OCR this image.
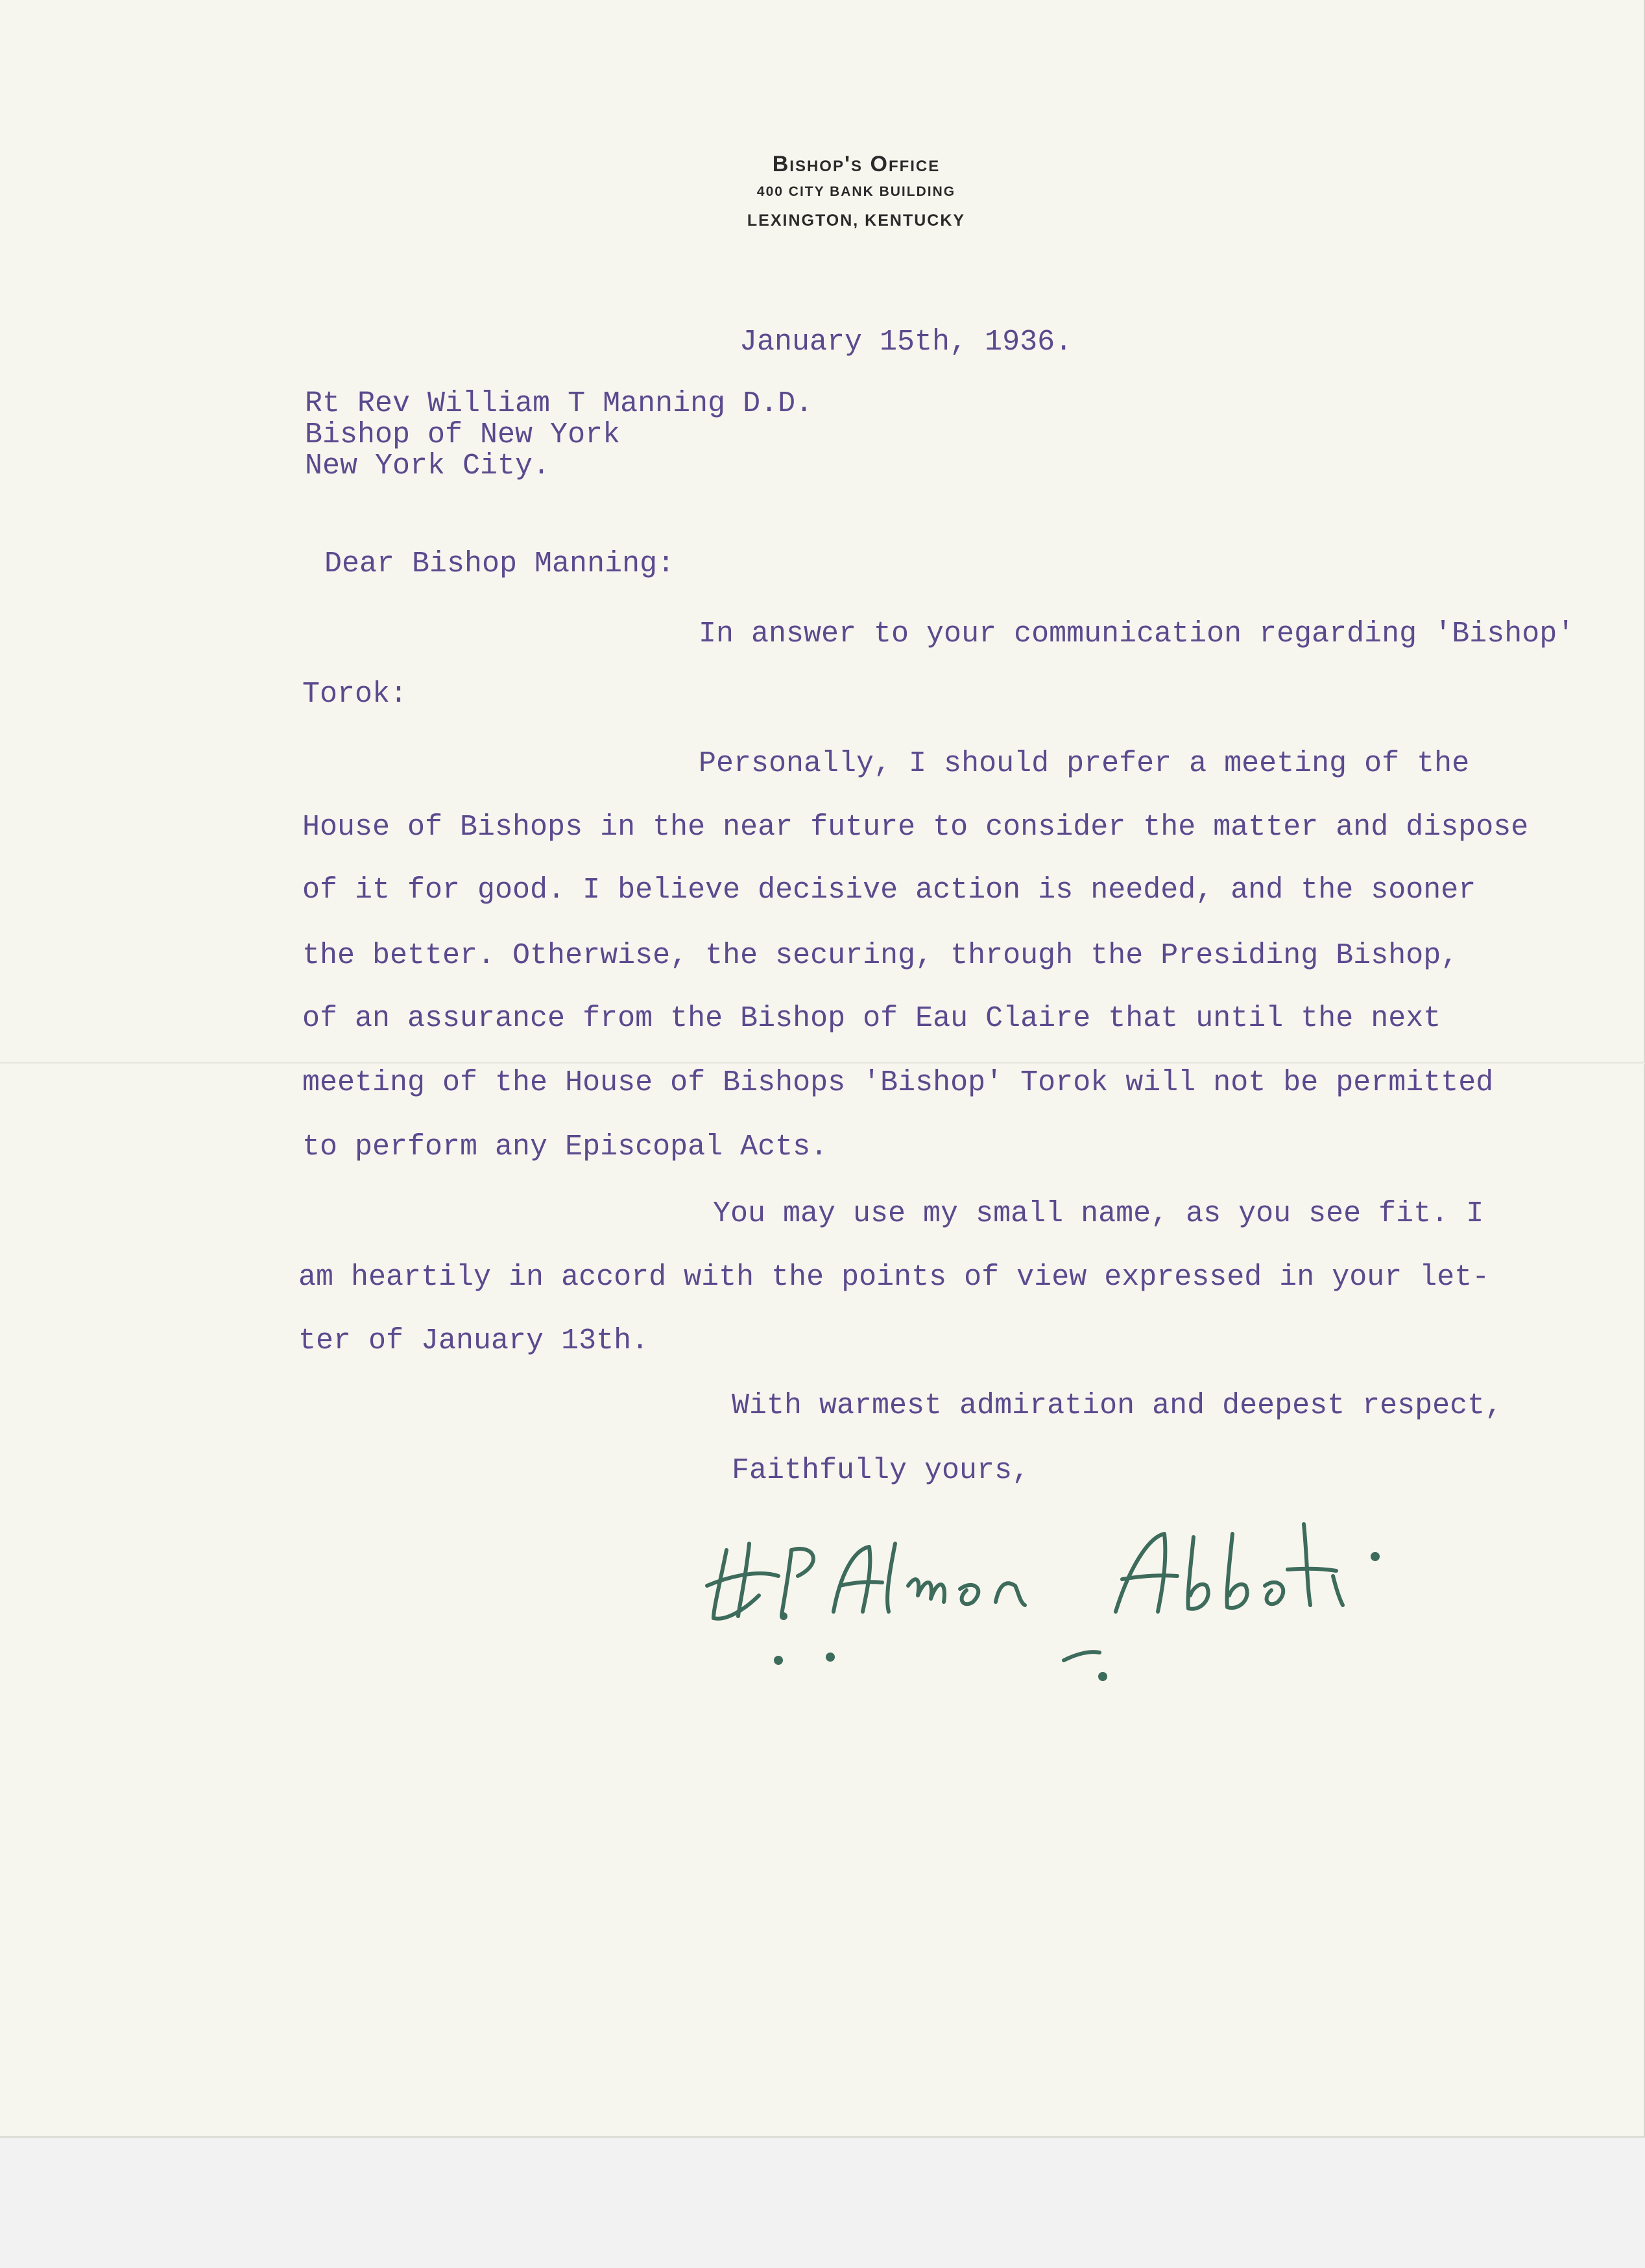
Bishop's Office
400 CITY BANK BUILDING
LEXINGTON, KENTUCKY
January 15th, 1936.
Rt Rev William T Manning D.D.
Bishop of New York
New York City.
Dear Bishop Manning:
In answer to your communication regarding 'Bishop'
Torok:
Personally, I should prefer a meeting of the
House of Bishops in the near future to consider the matter and dispose
of it for good. I believe decisive action is needed, and the sooner
the better. Otherwise, the securing, through the Presiding Bishop,
of an assurance from the Bishop of Eau Claire that until the next
meeting of the House of Bishops 'Bishop' Torok will not be permitted
to perform any Episcopal Acts.
You may use my small name, as you see fit. I
am heartily in accord with the points of view expressed in your let-
ter of January 13th.
With warmest admiration and deepest respect,
Faithfully yours,
